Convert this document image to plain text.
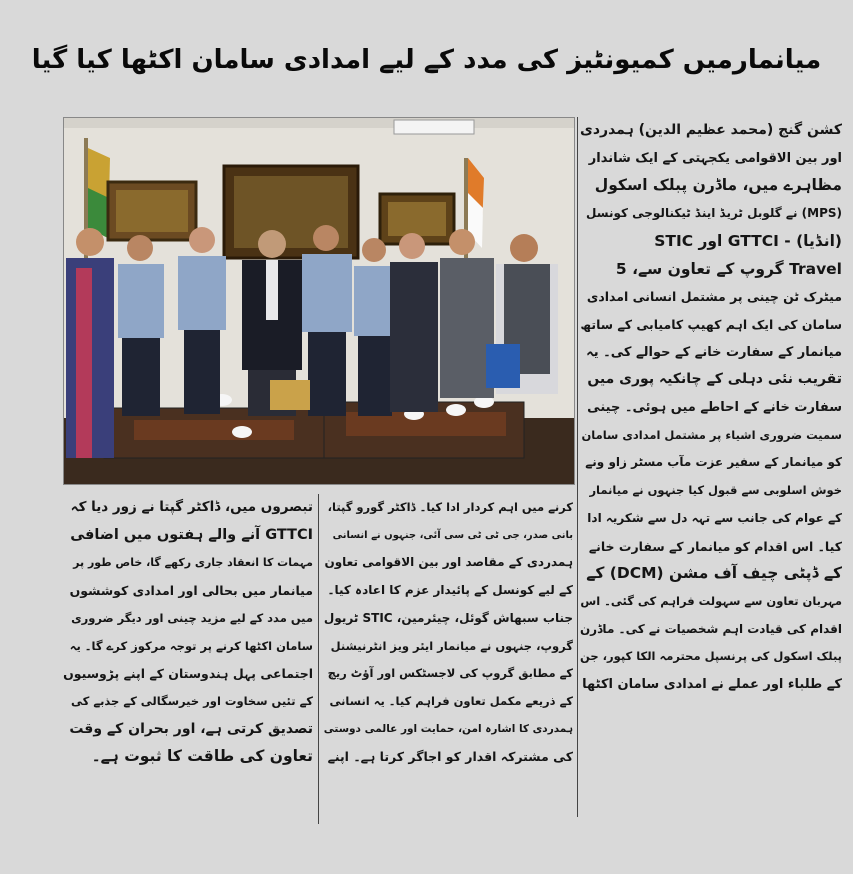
میانمارمیں کمیونٹیز کی مدد کے لیے امدادی سامان اکٹھا کیا گیا

کشن گنج (محمد عظیم الدین) ہمدردی

اور بین الاقوامی یکجہتی کے ایک شاندار

مظاہرے میں، ماڈرن پبلک اسکول

(MPS) نے گلوبل ٹریڈ اینڈ ٹیکنالوجی کونسل

(انڈیا) - GTTCI اور STIC

Travel گروپ کے تعاون سے، 5

میٹرک ٹن چینی پر مشتمل انسانی امدادی

سامان کی ایک اہم کھیپ کامیابی کے ساتھ

میانمار کے سفارت خانے کے حوالے کی۔ یہ

تقریب نئی دہلی کے چانکیہ پوری میں

سفارت خانے کے احاطے میں ہوئی۔ چینی

سمیت ضروری اشیاء پر مشتمل امدادی سامان

کو میانمار کے سفیر عزت مآب مسٹر زاو ونے

خوش اسلوبی سے قبول کیا جنہوں نے میانمار

کے عوام کی جانب سے تہہ دل سے شکریہ ادا

کیا۔ اس اقدام کو میانمار کے سفارت خانے

کے ڈپٹی چیف آف مشن (DCM) کے

مہربان تعاون سے سہولت فراہم کی گئی۔ اس

اقدام کی قیادت اہم شخصیات نے کی۔ ماڈرن

پبلک اسکول کی پرنسپل محترمہ الکا کپور، جن

کے طلباء اور عملے نے امدادی سامان اکٹھا

کرنے میں اہم کردار ادا کیا۔ ڈاکٹر گورو گپتا،

بانی صدر، جی ٹی ٹی سی آئی، جنہوں نے انسانی

ہمدردی کے مقاصد اور بین الاقوامی تعاون

کے لیے کونسل کے پائیدار عزم کا اعادہ کیا۔

جناب سبھاش گوئل، چیئرمین، STIC ٹریول

گروپ، جنہوں نے میانمار ایئر ویز انٹرنیشنل

کے مطابق گروپ کی لاجسٹکس اور آؤٹ ریچ

کے ذریعے مکمل تعاون فراہم کیا۔ یہ انسانی

ہمدردی کا اشارہ امن، حمایت اور عالمی دوستی

کی مشترکہ اقدار کو اجاگر کرتا ہے۔ اپنے

تبصروں میں، ڈاکٹر گپتا نے زور دیا کہ

GTTCI آنے والے ہفتوں میں اضافی

مہمات کا انعقاد جاری رکھے گا، خاص طور پر

میانمار میں بحالی اور امدادی کوششوں

میں مدد کے لیے مزید چینی اور دیگر ضروری

سامان اکٹھا کرنے پر توجہ مرکوز کرے گا۔ یہ

اجتماعی پہل ہندوستان کے اپنے پڑوسیوں

کے تئیں سخاوت اور خیرسگالی کے جذبے کی

تصدیق کرتی ہے، اور بحران کے وقت

تعاون کی طاقت کا ثبوت ہے۔
